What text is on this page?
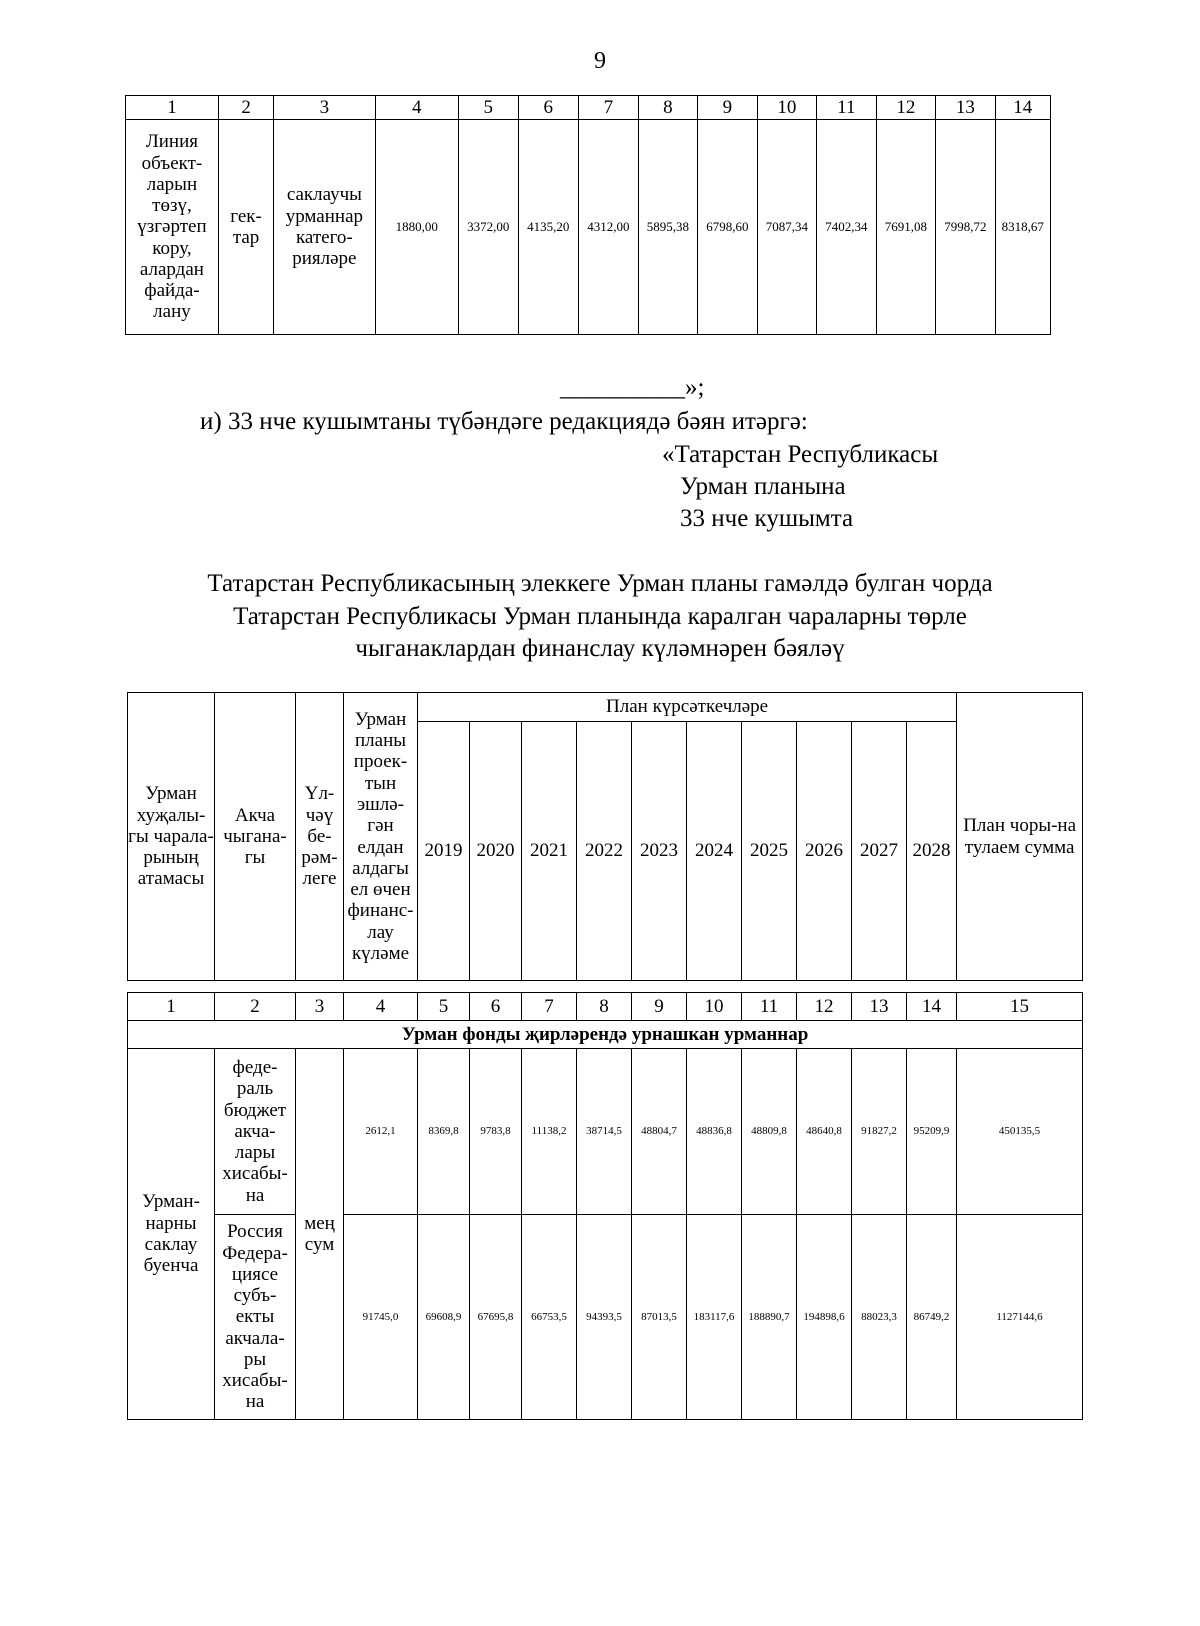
9
1	2	3	4	5	6	7	8	9	10	11	12	13	14
Линия объект-ларын төзү, үзгәртеп кору, алардан файда-лану	гек-тар	саклаучы урманнар катего-рияләре	1880,00	3372,00	4135,20	4312,00	5895,38	6798,60	7087,34	7402,34	7691,08	7998,72	8318,67
__________»;
и) 33 нче кушымтаны түбәндәге редакциядә бәян итәргә:
«Татарстан Республикасы
Урман планына
33 нче кушымта
Татарстан Республикасының элеккеге Урман планы гамәлдә булган чорда
Татарстан Республикасы Урман планында каралган чараларны төрле
чыганаклардан финанслау күләмнәрен бәяләү
Урман хуҗалы-гы чарала-рының атамасы	Акча чыгана-гы	Үл-чәү бе-рәм-леге	Урман планы проек-тын эшлә-гән елдан алдагы ел өчен финанс-лау күләме	План күрсәткечләре										План чоры-на тулаем сумма
				2019	2020	2021	2022	2023	2024	2025	2026	2027	2028	
1	2	3	4	5	6	7	8	9	10	11	12	13	14	15
Урман фонды җирләрендә урнашкан урманнар														
Урман-нарны саклау буенча	феде-раль бюджет акча-лары хисабы-на	мең сум	2612,1	8369,8	9783,8	11138,2	38714,5	48804,7	48836,8	48809,8	48640,8	91827,2	95209,9	450135,5
	Россия Федера-циясе субъ-екты акчала-ры хисабы-на		91745,0	69608,9	67695,8	66753,5	94393,5	87013,5	183117,6	188890,7	194898,6	88023,3	86749,2	1127144,6
